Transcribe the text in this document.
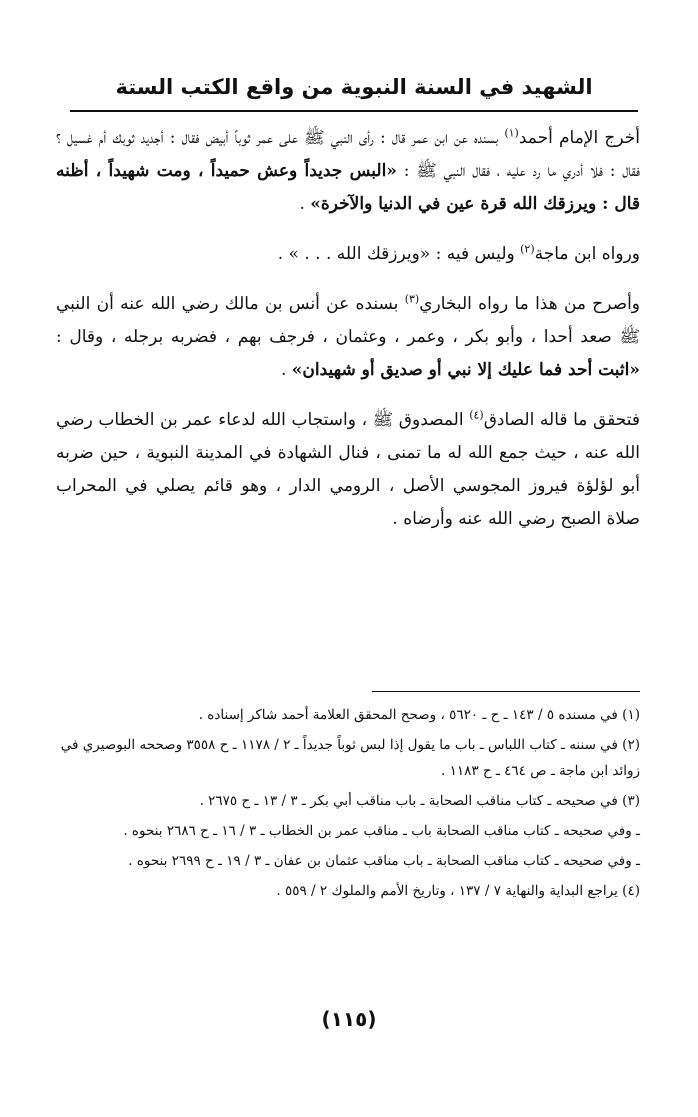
الشهيد في السنة النبوية من واقع الكتب الستة

أخرج الإمام أحمد$^{(١)}$ بسنده عن ابن عمر قال : رأى النبي ﷺ على عمر ثوباً أبيض فقال : أجديد ثوبك أم غسيل ؟ فقال : فلا أدري ما رد عليه ، فقال النبي ﷺ : «البس جديداً وعش حميداً ، ومت شهيداً ، أظنه قال : ويرزقك الله قرة عين في الدنيا والآخرة» .

ورواه ابن ماجة$^{(٢)}$ وليس فيه : «ويرزقك الله . . . » .

وأصرح من هذا ما رواه البخاري$^{(٣)}$ بسنده عن أنس بن مالك رضي الله عنه أن النبي ﷺ صعد أحدا ، وأبو بكر ، وعمر ، وعثمان ، فرجف بهم ، فضربه برجله ، وقال : «اثبت أحد فما عليك إلا نبي أو صديق أو شهيدان» .

فتحقق ما قاله الصادق$^{(٤)}$ المصدوق ﷺ ، واستجاب الله لدعاء عمر بن الخطاب رضي الله عنه ، حيث جمع الله له ما تمنى ، فنال الشهادة في المدينة النبوية ، حين ضربه أبو لؤلؤة فيروز المجوسي الأصل ، الرومي الدار ، وهو قائم يصلي في المحراب صلاة الصبح رضي الله عنه وأرضاه .

(١) في مسنده ٥ / ١٤٣ ـ ح ـ ٥٦٢٠ ، وصحح المحقق العلامة أحمد شاكر إسناده .

(٢) في سننه ـ كتاب اللباس ـ باب ما يقول إذا لبس ثوباً جديداً ـ ٢ / ١١٧٨ ـ ح ٣٥٥٨ وصححه البوصيري في زوائد ابن ماجة ـ ص ٤٦٤ ـ ح ١١٨٣ .

(٣) في صحيحه ـ كتاب مناقب الصحابة ـ باب مناقب أبي بكر ـ ٣ / ١٣ ـ ح ٢٦٧٥ .

ـ وفي صحيحه ـ كتاب مناقب الصحابة باب ـ مناقب عمر بن الخطاب ـ ٣ / ١٦ ـ ح ٢٦٨٦ بنحوه .

ـ وفي صحيحه ـ كتاب مناقب الصحابة ـ باب مناقب عثمان بن عفان ـ ٣ / ١٩ ـ ح ٢٦٩٩ بنحوه .

(٤) يراجع البداية والنهاية ٧ / ١٣٧ ، وتاريخ الأمم والملوك ٢ / ٥٥٩ .

(١١٥)
